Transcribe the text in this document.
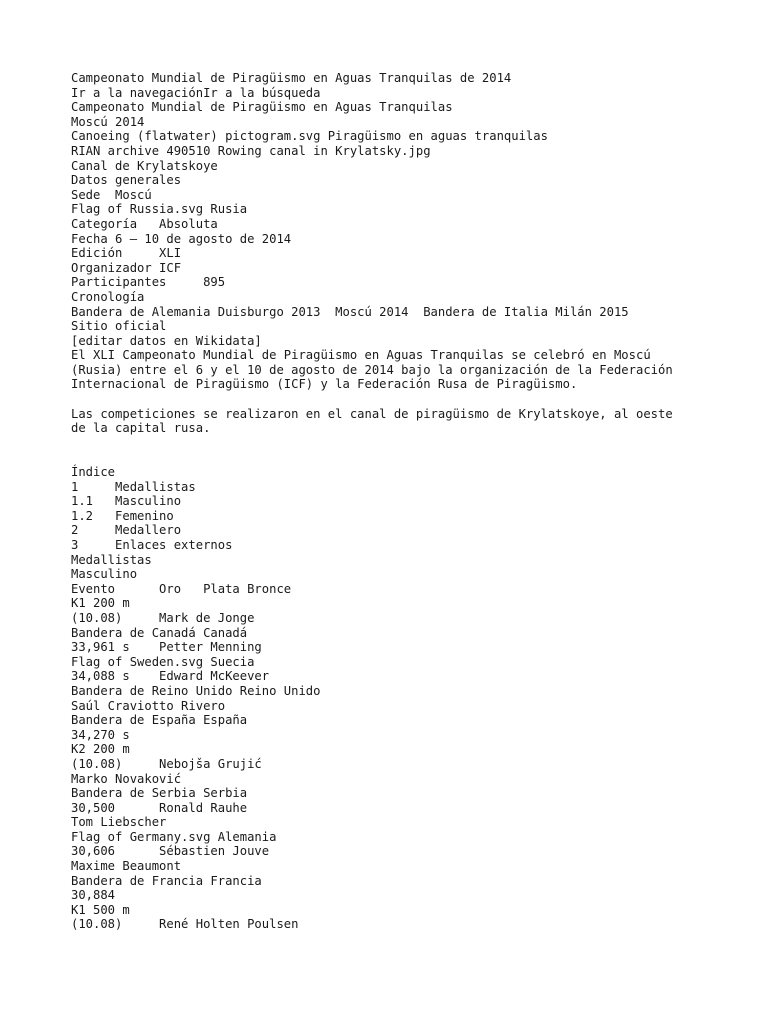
Campeonato Mundial de Piragüismo en Aguas Tranquilas de 2014
Ir a la navegaciónIr a la búsqueda
Campeonato Mundial de Piragüismo en Aguas Tranquilas
Moscú 2014
Canoeing (flatwater) pictogram.svg Piragüismo en aguas tranquilas
RIAN archive 490510 Rowing canal in Krylatsky.jpg
Canal de Krylatskoye
Datos generales
Sede  Moscú
Flag of Russia.svg Rusia
Categoría   Absoluta
Fecha 6 – 10 de agosto de 2014
Edición     XLI
Organizador ICF
Participantes     895
Cronología
Bandera de Alemania Duisburgo 2013  Moscú 2014  Bandera de Italia Milán 2015
Sitio oficial
[editar datos en Wikidata]
El XLI Campeonato Mundial de Piragüismo en Aguas Tranquilas se celebró en Moscú
(Rusia) entre el 6 y el 10 de agosto de 2014 bajo la organización de la Federación
Internacional de Piragüismo (ICF) y la Federación Rusa de Piragüismo.
Las competiciones se realizaron en el canal de piragüismo de Krylatskoye, al oeste
de la capital rusa.
Índice
1     Medallistas
1.1   Masculino
1.2   Femenino
2     Medallero
3     Enlaces externos
Medallistas
Masculino
Evento      Oro   Plata Bronce
K1 200 m
(10.08)     Mark de Jonge
Bandera de Canadá Canadá
33,961 s    Petter Menning
Flag of Sweden.svg Suecia
34,088 s    Edward McKeever
Bandera de Reino Unido Reino Unido
Saúl Craviotto Rivero
Bandera de España España
34,270 s
K2 200 m
(10.08)     Nebojša Grujić
Marko Novaković
Bandera de Serbia Serbia
30,500      Ronald Rauhe
Tom Liebscher
Flag of Germany.svg Alemania
30,606      Sébastien Jouve
Maxime Beaumont
Bandera de Francia Francia
30,884
K1 500 m
(10.08)     René Holten Poulsen
